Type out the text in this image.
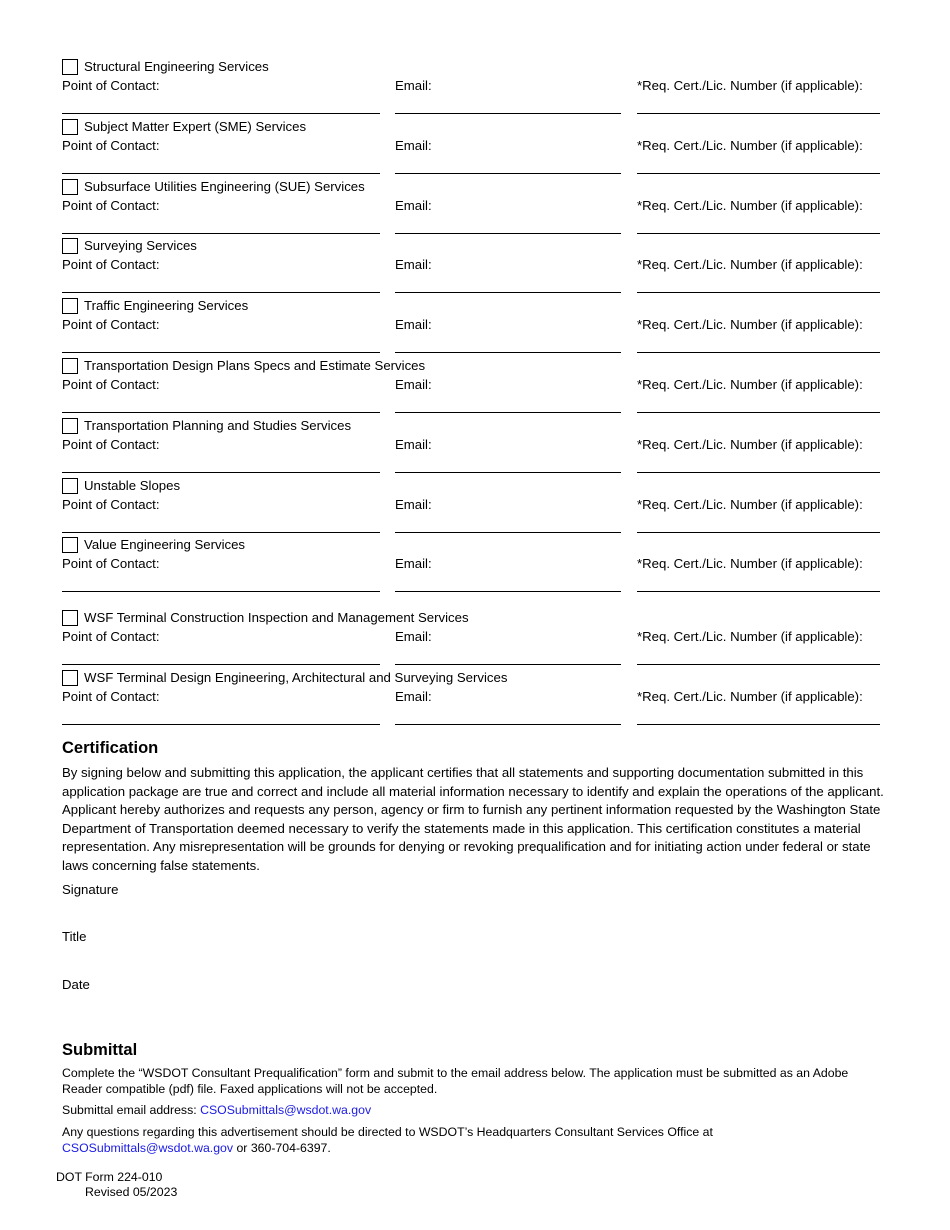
Structural Engineering Services
Point of Contact:	Email:	*Req. Cert./Lic. Number (if applicable):
Subject Matter Expert (SME) Services
Point of Contact:	Email:	*Req. Cert./Lic. Number (if applicable):
Subsurface Utilities Engineering (SUE) Services
Point of Contact:	Email:	*Req. Cert./Lic. Number (if applicable):
Surveying Services
Point of Contact:	Email:	*Req. Cert./Lic. Number (if applicable):
Traffic Engineering Services
Point of Contact:	Email:	*Req. Cert./Lic. Number (if applicable):
Transportation Design Plans Specs and Estimate Services
Point of Contact:	Email:	*Req. Cert./Lic. Number (if applicable):
Transportation Planning and Studies Services
Point of Contact:	Email:	*Req. Cert./Lic. Number (if applicable):
Unstable Slopes
Point of Contact:	Email:	*Req. Cert./Lic. Number (if applicable):
Value Engineering Services
Point of Contact:	Email:	*Req. Cert./Lic. Number (if applicable):
WSF Terminal Construction Inspection and Management Services
Point of Contact:	Email:	*Req. Cert./Lic. Number (if applicable):
WSF Terminal Design Engineering, Architectural and Surveying Services
Point of Contact:	Email:	*Req. Cert./Lic. Number (if applicable):
Certification

By signing below and submitting this application, the applicant certifies that all statements and supporting documentation submitted in this application package are true and correct and include all material information necessary to identify and explain the operations of the applicant. Applicant hereby authorizes and requests any person, agency or firm to furnish any pertinent information requested by the Washington State Department of Transportation deemed necessary to verify the statements made in this application. This certification constitutes a material representation. Any misrepresentation will be grounds for denying or revoking prequalification and for initiating action under federal or state laws concerning false statements.

Signature
Title
Date
Submittal

Complete the “WSDOT Consultant Prequalification” form and submit to the email address below. The application must be submitted as an Adobe Reader compatible (pdf) file. Faxed applications will not be accepted.

Submittal email address: CSOSubmittals@wsdot.wa.gov

Any questions regarding this advertisement should be directed to WSDOT’s Headquarters Consultant Services Office at CSOSubmittals@wsdot.wa.gov or 360-704-6397.

DOT Form 224-010
Revised 05/2023
